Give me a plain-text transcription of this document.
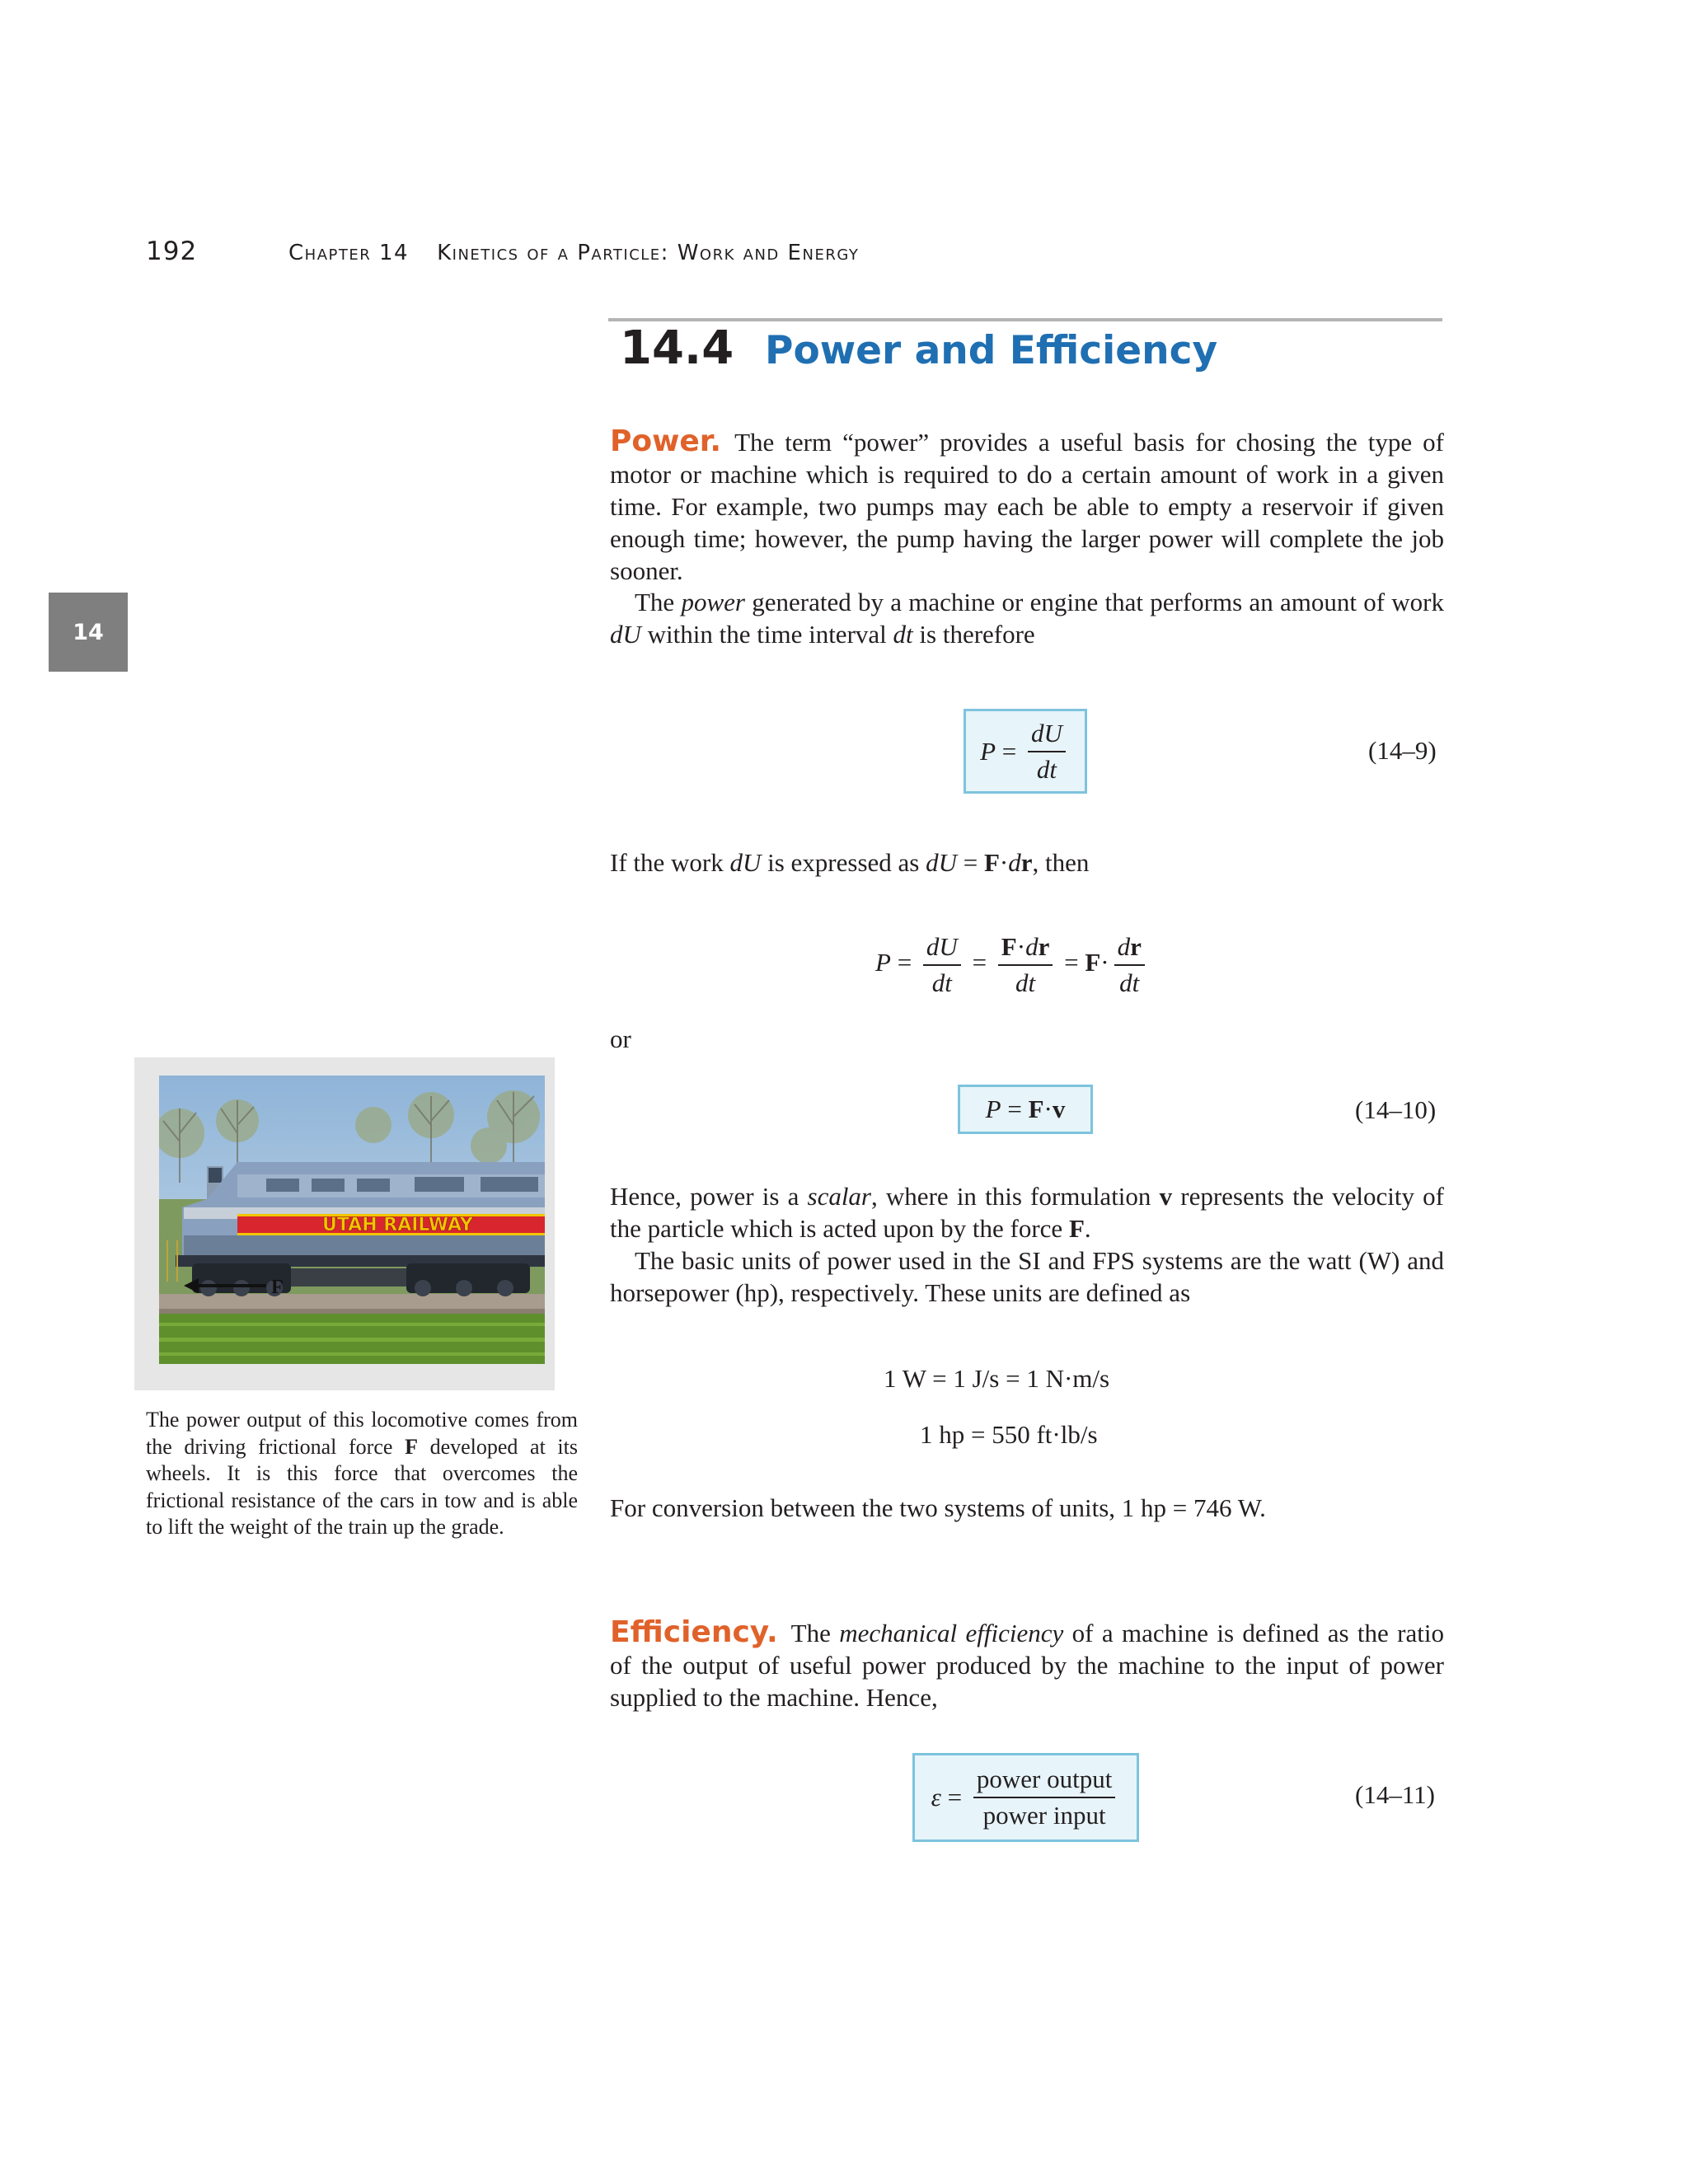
192	Chapter 14 Kinetics of a Particle: Work and Energy
14.4 Power and Efficiency
14
Power. The term “power” provides a useful basis for chosing the type of motor or machine which is required to do a certain amount of work in a given time. For example, two pumps may each be able to empty a reservoir if given enough time; however, the pump having the larger power will complete the job sooner.
The power generated by a machine or engine that performs an amount of work dU within the time interval dt is therefore
$P = \frac{dU}{dt}$	(14–9)
If the work dU is expressed as dU = F·dr, then
$P = \frac{dU}{dt} = \frac{F\cdot dr}{dt} = F\cdot \frac{dr}{dt}$
or
P = F · v	(14–10)
Hence, power is a scalar, where in this formulation v represents the velocity of the particle which is acted upon by the force F.
The basic units of power used in the SI and FPS systems are the watt (W) and horsepower (hp), respectively. These units are defined as
1 W = 1 J/s = 1 N·m/s
1 hp = 550 ft·lb/s
For conversion between the two systems of units, 1 hp = 746 W.
Efficiency. The mechanical efficiency of a machine is defined as the ratio of the output of useful power produced by the machine to the input of power supplied to the machine. Hence,
$\varepsilon = \frac{\text{power output}}{\text{power input}}$	(14–11)
UTAH RAILWAY
F
The power output of this locomotive comes from the driving frictional force F developed at its wheels. It is this force that overcomes the frictional resistance of the cars in tow and is able to lift the weight of the train up the grade.
